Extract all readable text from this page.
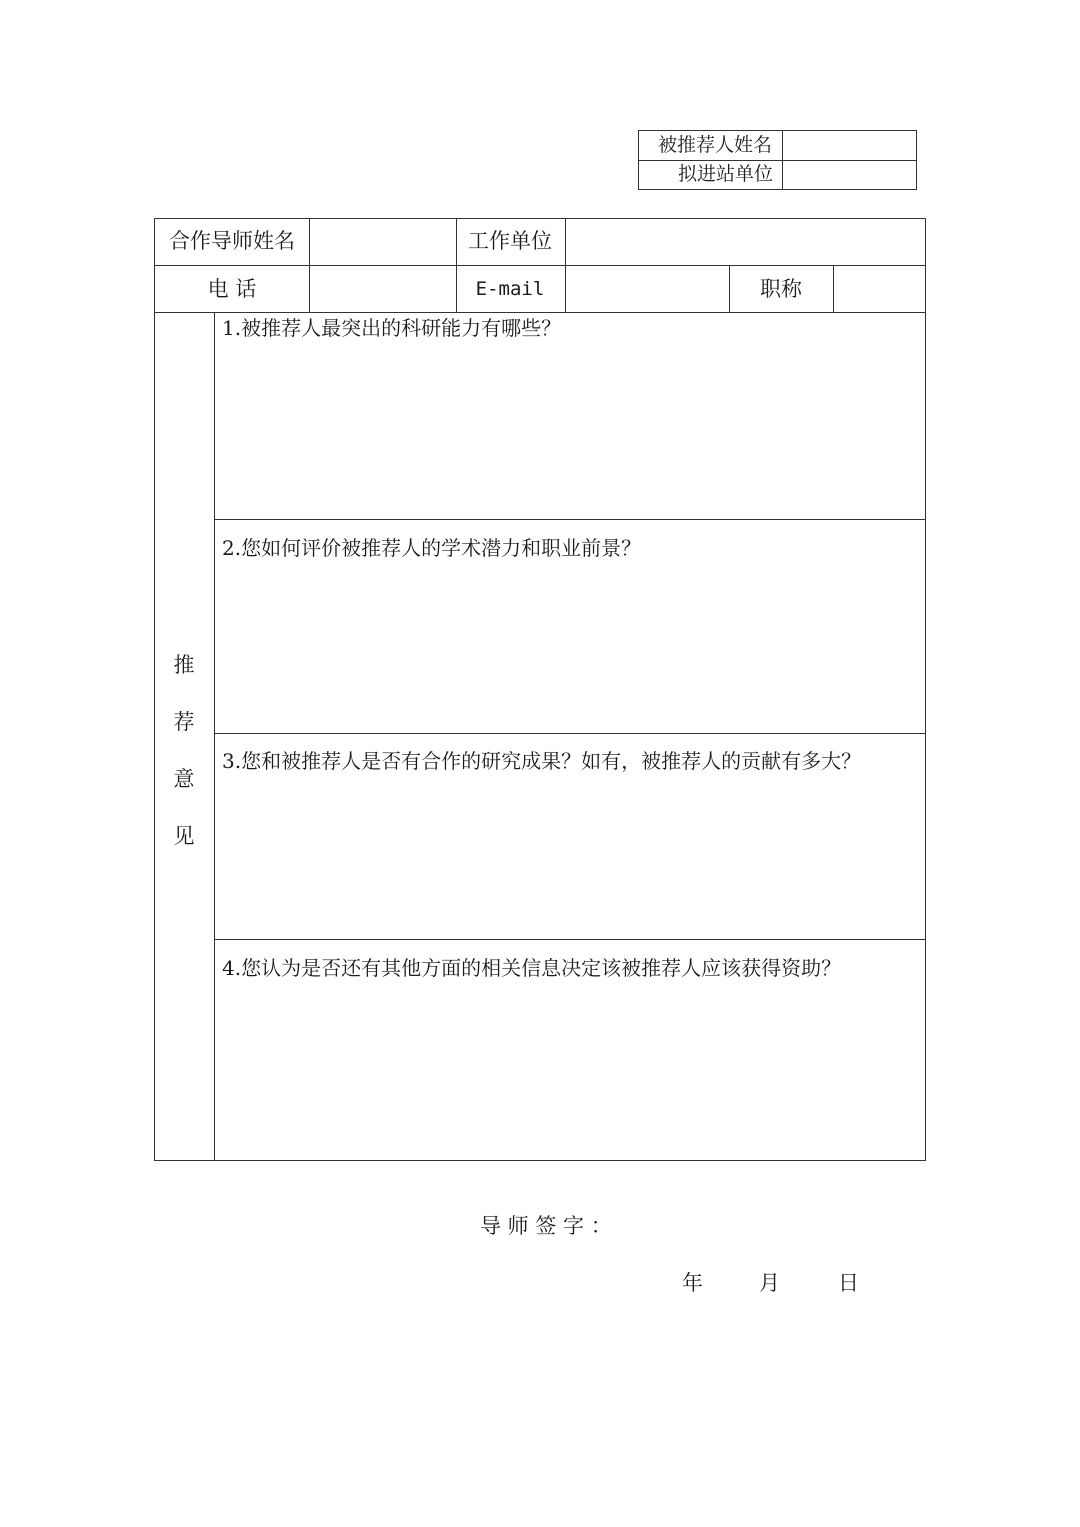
被推荐人姓名
拟进站单位
合作导师姓名	工作单位
电 话	E-mail	职称
推
荐
意
见
1.被推荐人最突出的科研能力有哪些？
2.您如何评价被推荐人的学术潜力和职业前景？
3.您和被推荐人是否有合作的研究成果？如有，被推荐人的贡献有多大？
4.您认为是否还有其他方面的相关信息决定该被推荐人应该获得资助？
导 师 签 字 ：
年	月	日
